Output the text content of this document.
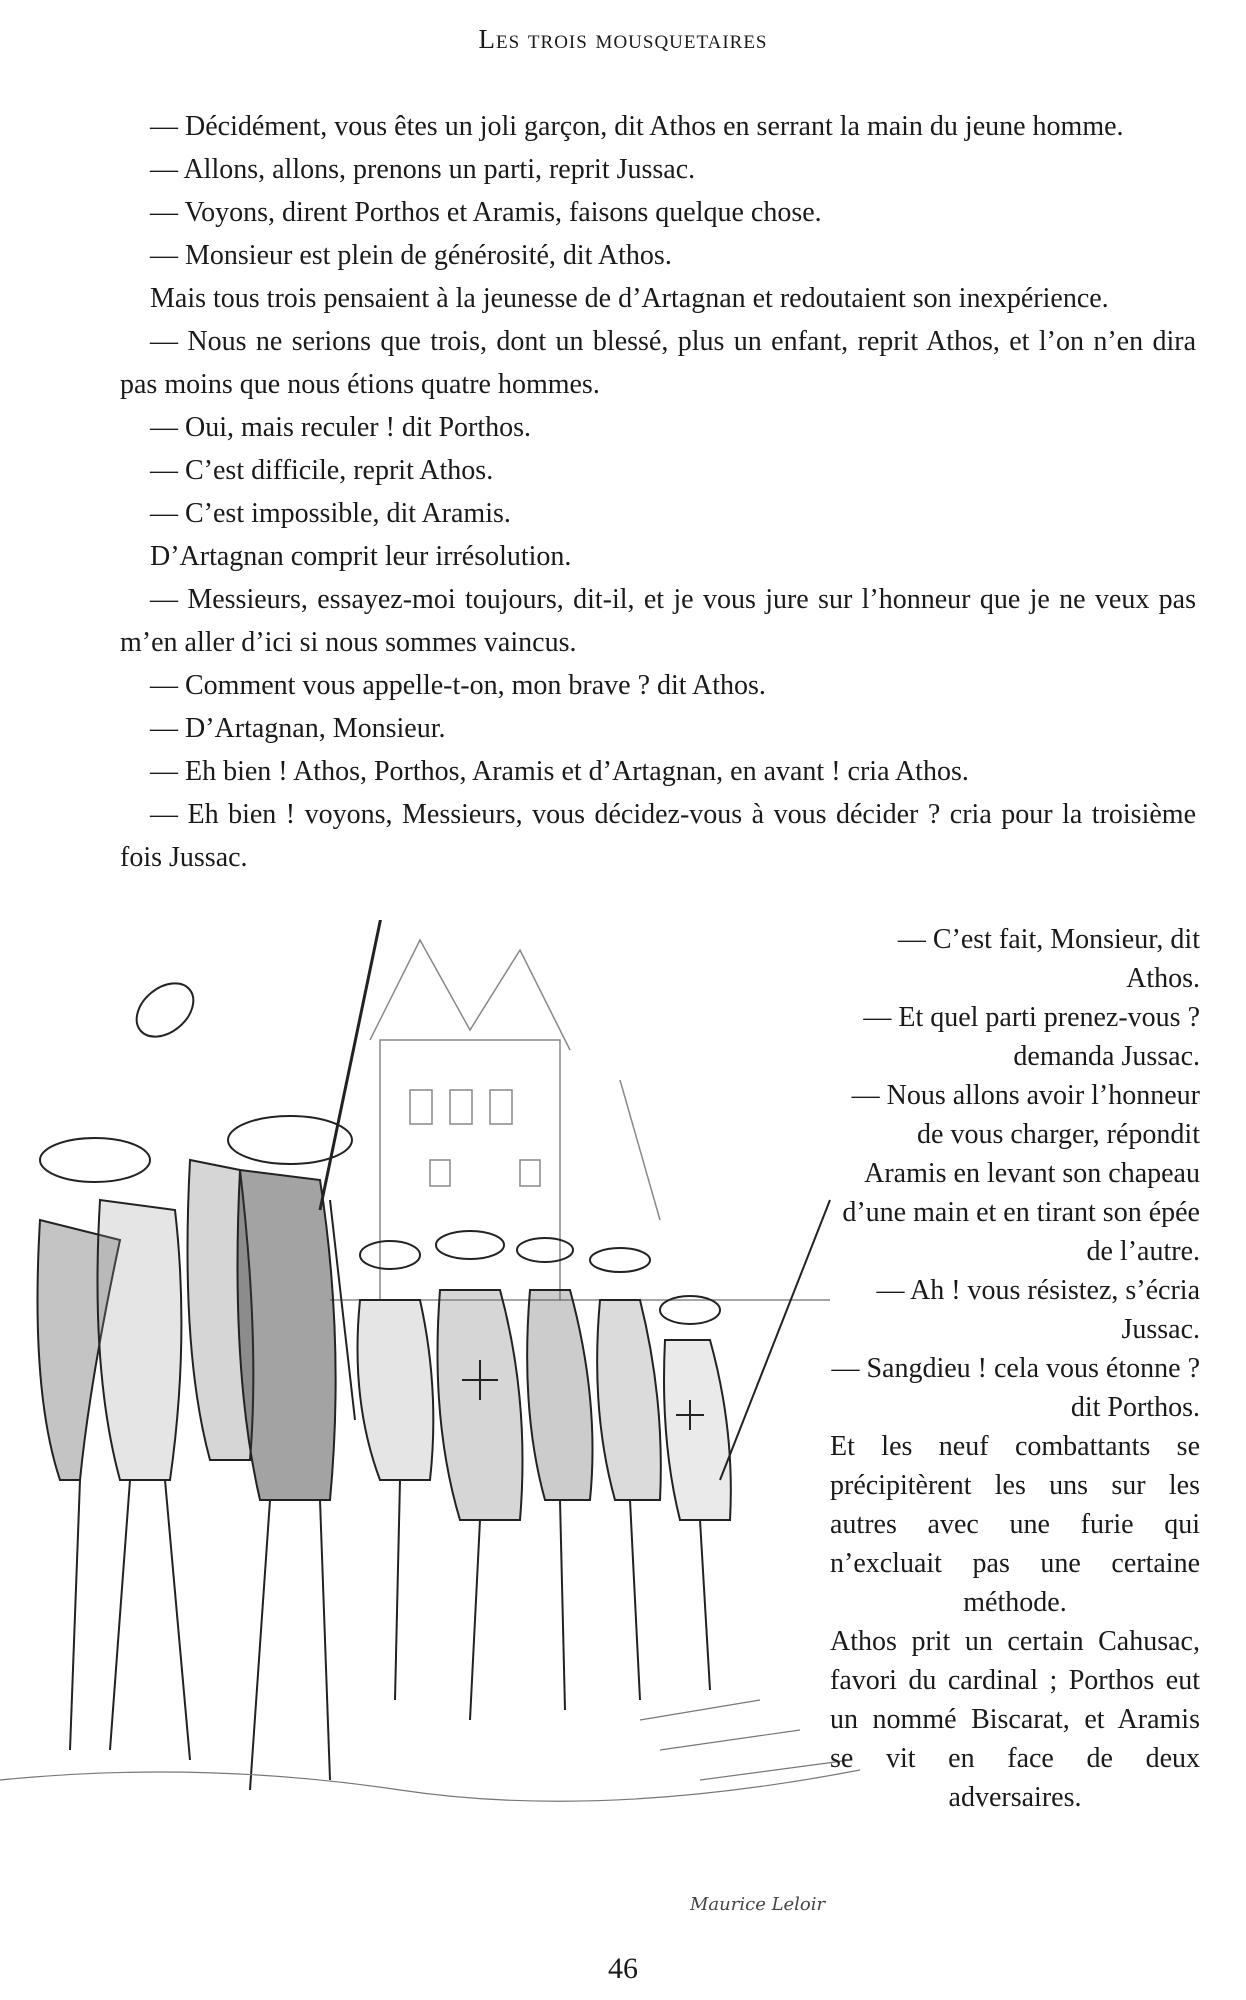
Les trois mousquetaires

— Décidément, vous êtes un joli garçon, dit Athos en serrant la main du jeune homme.

— Allons, allons, prenons un parti, reprit Jussac.

— Voyons, dirent Porthos et Aramis, faisons quelque chose.

— Monsieur est plein de générosité, dit Athos.

Mais tous trois pensaient à la jeunesse de d’Artagnan et redoutaient son inexpérience.

— Nous ne serions que trois, dont un blessé, plus un enfant, reprit Athos, et l’on n’en dira pas moins que nous étions quatre hommes.

— Oui, mais reculer ! dit Porthos.

— C’est difficile, reprit Athos.

— C’est impossible, dit Aramis.

D’Artagnan comprit leur irrésolution.

— Messieurs, essayez-moi toujours, dit-il, et je vous jure sur l’honneur que je ne veux pas m’en aller d’ici si nous sommes vaincus.

— Comment vous appelle-t-on, mon brave ? dit Athos.

— D’Artagnan, Monsieur.

— Eh bien ! Athos, Porthos, Aramis et d’Artagnan, en avant ! cria Athos.

— Eh bien ! voyons, Messieurs, vous décidez-vous à vous décider ? cria pour la troisième fois Jussac.

Maurice Leloir

— C’est fait, Monsieur, dit Athos.

— Et quel parti prenez-vous ? demanda Jussac.

— Nous allons avoir l’honneur de vous charger, répondit Aramis en levant son chapeau d’une main et en tirant son épée de l’autre.

— Ah ! vous résistez, s’écria Jussac.

— Sangdieu ! cela vous étonne ? dit Porthos.

Et les neuf combattants se précipitèrent les uns sur les autres avec une furie qui n’excluait pas une certaine méthode.

Athos prit un certain Cahusac, favori du cardinal ; Porthos eut un nommé Biscarat, et Aramis se vit en face de deux adversaires.

46
